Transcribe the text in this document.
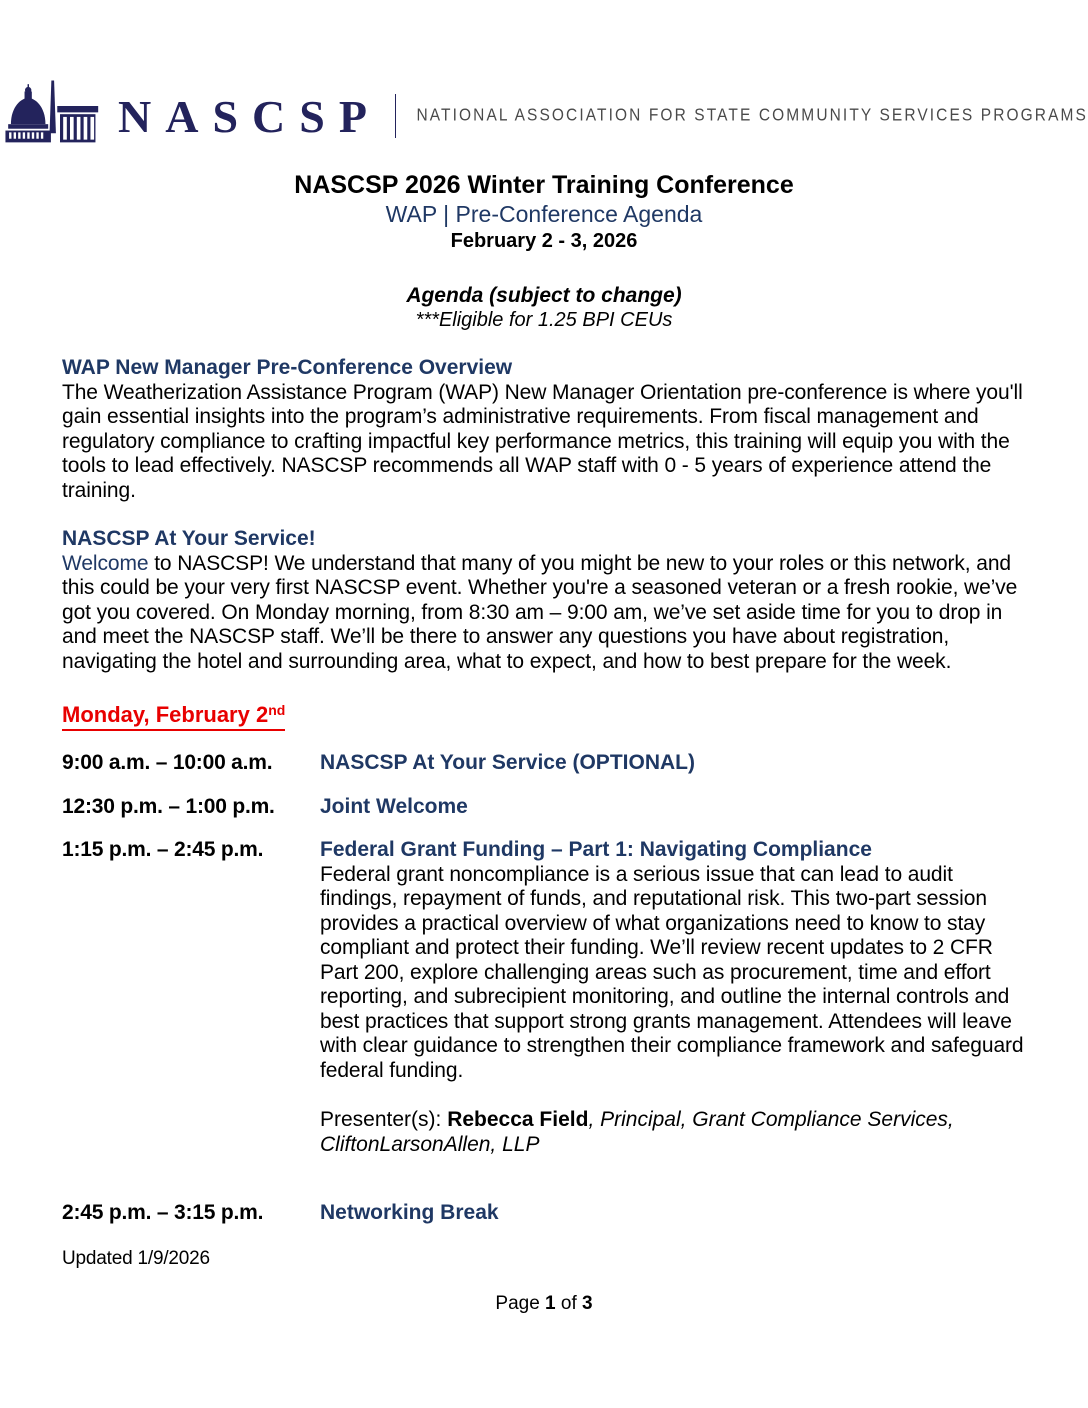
NASCSP NATIONAL ASSOCIATION FOR STATE COMMUNITY SERVICES PROGRAMS
NASCSP 2026 Winter Training Conference
WAP | Pre-Conference Agenda
February 2 - 3, 2026
Agenda (subject to change)
***Eligible for 1.25 BPI CEUs
WAP New Manager Pre-Conference Overview
The Weatherization Assistance Program (WAP) New Manager Orientation pre-conference is where you'll gain essential insights into the program’s administrative requirements. From fiscal management and regulatory compliance to crafting impactful key performance metrics, this training will equip you with the tools to lead effectively. NASCSP recommends all WAP staff with 0 - 5 years of experience attend the training.
NASCSP At Your Service!
Welcome to NASCSP! We understand that many of you might be new to your roles or this network, and this could be your very first NASCSP event. Whether you're a seasoned veteran or a fresh rookie, we’ve got you covered. On Monday morning, from 8:30 am – 9:00 am, we’ve set aside time for you to drop in and meet the NASCSP staff. We’ll be there to answer any questions you have about registration, navigating the hotel and surrounding area, what to expect, and how to best prepare for the week.
Monday, February 2nd
9:00 a.m. – 10:00 a.m.	NASCSP At Your Service (OPTIONAL)
12:30 p.m. – 1:00 p.m.	Joint Welcome
1:15 p.m. – 2:45 p.m.	Federal Grant Funding – Part 1: Navigating Compliance
Federal grant noncompliance is a serious issue that can lead to audit findings, repayment of funds, and reputational risk. This two-part session provides a practical overview of what organizations need to know to stay compliant and protect their funding. We’ll review recent updates to 2 CFR Part 200, explore challenging areas such as procurement, time and effort reporting, and subrecipient monitoring, and outline the internal controls and best practices that support strong grants management. Attendees will leave with clear guidance to strengthen their compliance framework and safeguard federal funding.
Presenter(s): Rebecca Field, Principal, Grant Compliance Services, CliftonLarsonAllen, LLP
2:45 p.m. – 3:15 p.m.	Networking Break
Updated 1/9/2026
Page 1 of 3
